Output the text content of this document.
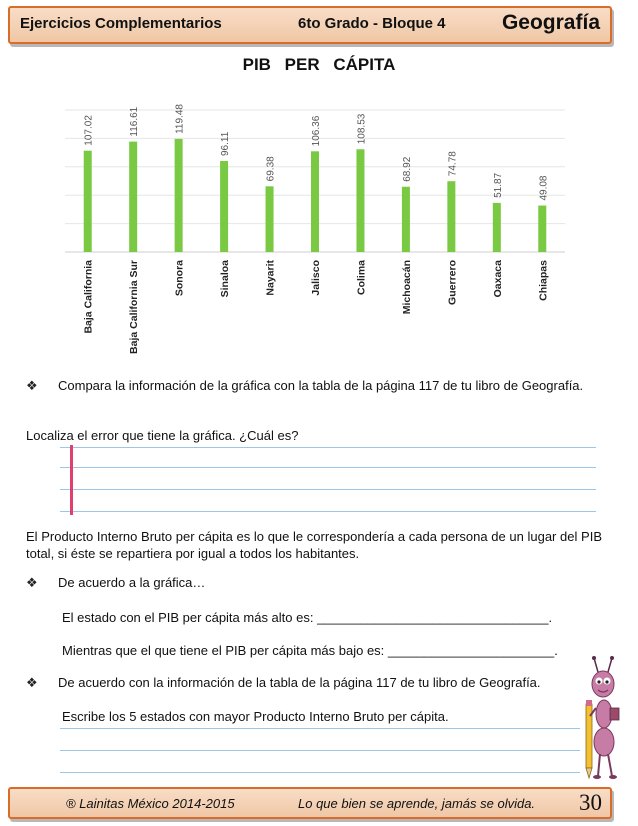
Ejercicios Complementarios	6to Grado - Bloque 4	Geografía
PIB PER CÁPITA
107.02
Baja California
116.61
Baja California Sur
119.48
Sonora
96.11
Sinaloa
69.38
Nayarit
106.36
Jalisco
108.53
Colima
68.92
Michoacán
74.78
Guerrero
51.87
Oaxaca
49.08
Chiapas
❖ Compara la información de la gráfica con la tabla de la página 117 de tu libro de Geografía.
Localiza el error que tiene la gráfica. ¿Cuál es?
El Producto Interno Bruto per cápita es lo que le correspondería a cada persona de un lugar del PIB total, si éste se repartiera por igual a todos los habitantes.
❖ De acuerdo a la gráfica…
El estado con el PIB per cápita más alto es: ________________________________.
Mientras que el que tiene el PIB per cápita más bajo es: _______________________.
❖ De acuerdo con la información de la tabla de la página 117 de tu libro de Geografía.
Escribe los 5 estados con mayor Producto Interno Bruto per cápita.
® Lainitas México 2014-2015	Lo que bien se aprende, jamás se olvida. 30
